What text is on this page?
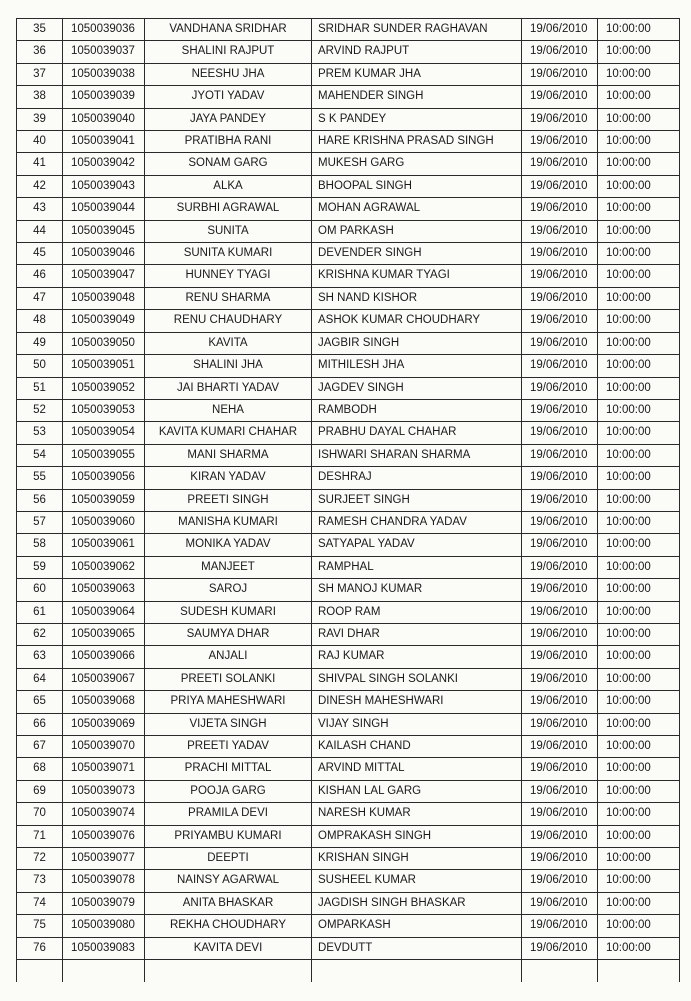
35	1050039036	VANDHANA SRIDHAR	SRIDHAR SUNDER RAGHAVAN	19/06/2010	10:00:00
36	1050039037	SHALINI RAJPUT	ARVIND RAJPUT	19/06/2010	10:00:00
37	1050039038	NEESHU JHA	PREM KUMAR JHA	19/06/2010	10:00:00
38	1050039039	JYOTI YADAV	MAHENDER SINGH	19/06/2010	10:00:00
39	1050039040	JAYA PANDEY	S K PANDEY	19/06/2010	10:00:00
40	1050039041	PRATIBHA RANI	HARE KRISHNA PRASAD SINGH	19/06/2010	10:00:00
41	1050039042	SONAM GARG	MUKESH GARG	19/06/2010	10:00:00
42	1050039043	ALKA	BHOOPAL SINGH	19/06/2010	10:00:00
43	1050039044	SURBHI AGRAWAL	MOHAN AGRAWAL	19/06/2010	10:00:00
44	1050039045	SUNITA	OM PARKASH	19/06/2010	10:00:00
45	1050039046	SUNITA KUMARI	DEVENDER SINGH	19/06/2010	10:00:00
46	1050039047	HUNNEY TYAGI	KRISHNA KUMAR TYAGI	19/06/2010	10:00:00
47	1050039048	RENU SHARMA	SH NAND KISHOR	19/06/2010	10:00:00
48	1050039049	RENU CHAUDHARY	ASHOK KUMAR CHOUDHARY	19/06/2010	10:00:00
49	1050039050	KAVITA	JAGBIR SINGH	19/06/2010	10:00:00
50	1050039051	SHALINI JHA	MITHILESH JHA	19/06/2010	10:00:00
51	1050039052	JAI BHARTI YADAV	JAGDEV SINGH	19/06/2010	10:00:00
52	1050039053	NEHA	RAMBODH	19/06/2010	10:00:00
53	1050039054	KAVITA KUMARI CHAHAR	PRABHU DAYAL CHAHAR	19/06/2010	10:00:00
54	1050039055	MANI SHARMA	ISHWARI SHARAN SHARMA	19/06/2010	10:00:00
55	1050039056	KIRAN YADAV	DESHRAJ	19/06/2010	10:00:00
56	1050039059	PREETI SINGH	SURJEET SINGH	19/06/2010	10:00:00
57	1050039060	MANISHA KUMARI	RAMESH CHANDRA YADAV	19/06/2010	10:00:00
58	1050039061	MONIKA YADAV	SATYAPAL YADAV	19/06/2010	10:00:00
59	1050039062	MANJEET	RAMPHAL	19/06/2010	10:00:00
60	1050039063	SAROJ	SH MANOJ KUMAR	19/06/2010	10:00:00
61	1050039064	SUDESH KUMARI	ROOP RAM	19/06/2010	10:00:00
62	1050039065	SAUMYA DHAR	RAVI DHAR	19/06/2010	10:00:00
63	1050039066	ANJALI	RAJ KUMAR	19/06/2010	10:00:00
64	1050039067	PREETI SOLANKI	SHIVPAL SINGH SOLANKI	19/06/2010	10:00:00
65	1050039068	PRIYA MAHESHWARI	DINESH MAHESHWARI	19/06/2010	10:00:00
66	1050039069	VIJETA SINGH	VIJAY SINGH	19/06/2010	10:00:00
67	1050039070	PREETI YADAV	KAILASH CHAND	19/06/2010	10:00:00
68	1050039071	PRACHI MITTAL	ARVIND MITTAL	19/06/2010	10:00:00
69	1050039073	POOJA GARG	KISHAN LAL GARG	19/06/2010	10:00:00
70	1050039074	PRAMILA DEVI	NARESH KUMAR	19/06/2010	10:00:00
71	1050039076	PRIYAMBU KUMARI	OMPRAKASH SINGH	19/06/2010	10:00:00
72	1050039077	DEEPTI	KRISHAN SINGH	19/06/2010	10:00:00
73	1050039078	NAINSY AGARWAL	SUSHEEL KUMAR	19/06/2010	10:00:00
74	1050039079	ANITA BHASKAR	JAGDISH SINGH BHASKAR	19/06/2010	10:00:00
75	1050039080	REKHA CHOUDHARY	OMPARKASH	19/06/2010	10:00:00
76	1050039083	KAVITA DEVI	DEVDUTT	19/06/2010	10:00:00
